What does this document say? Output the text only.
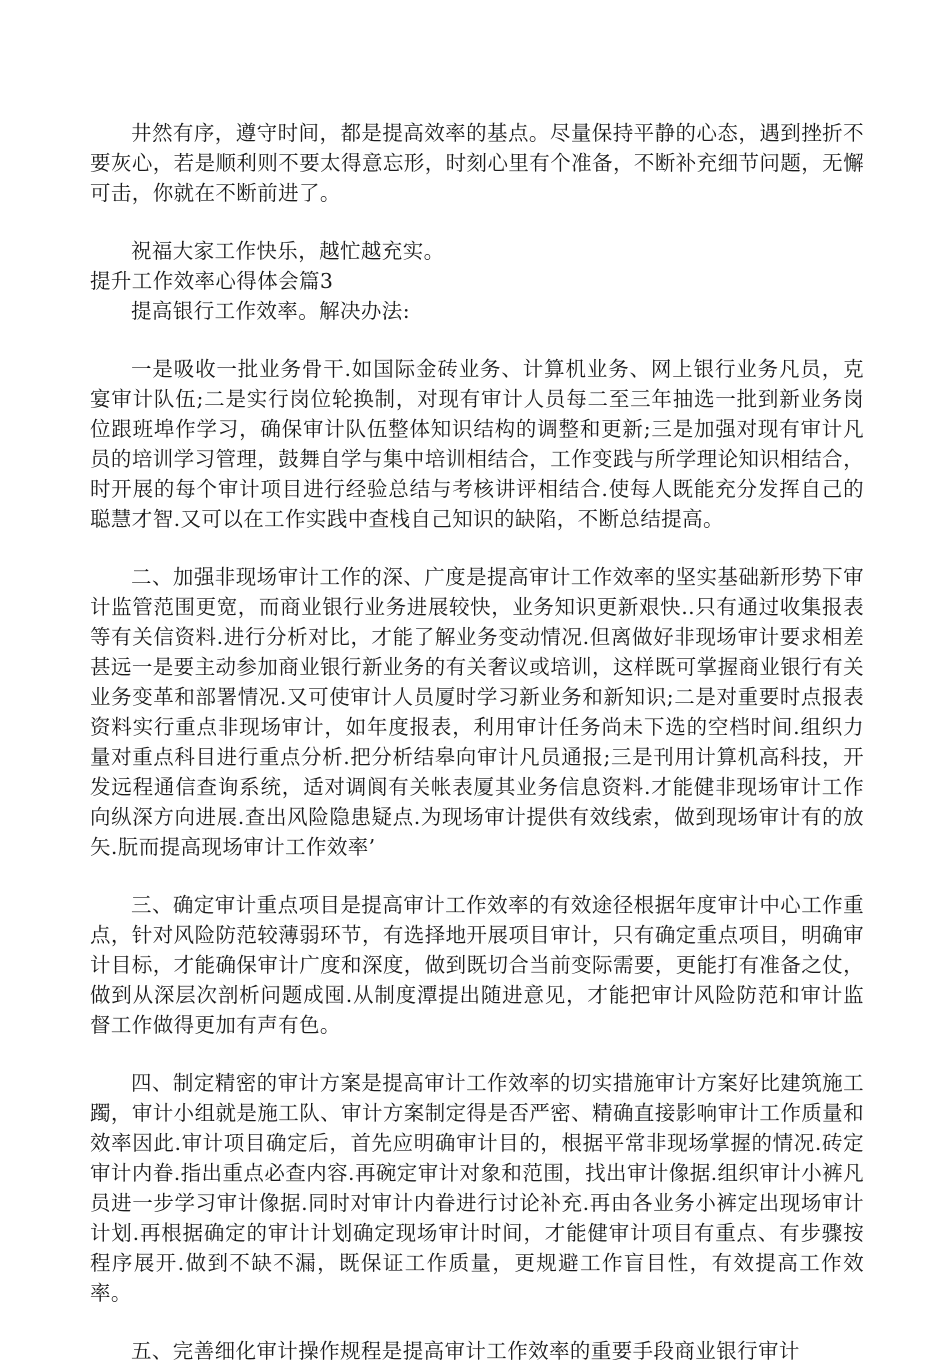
井然有序，遵守时间，都是提高效率的基点。尽量保持平静的心态，遇到挫折不要灰心，若是顺利则不要太得意忘形，时刻心里有个准备，不断补充细节问题，无懈可击，你就在不断前进了。

祝福大家工作快乐，越忙越充实。

提升工作效率心得体会篇3

提高银行工作效率。解决办法:

一是吸收一批业务骨干.如国际金砖业务、计算机业务、网上银行业务凡员，克宴审计队伍;二是实行岗位轮换制，对现有审计人员每二至三年抽选一批到新业务岗位跟班埠作学习，确保审计队伍整体知识结构的调整和更新;三是加强对现有审计凡员的培训学习管理，鼓舞自学与集中培训相结合，工作变践与所学理论知识相结合，时开展的每个审计项目进行经验总结与考核讲评相结合.使每人既能充分发挥自己的聪慧才智.又可以在工作实践中查栈自己知识的缺陷，不断总结提高。

二、加强非现场审计工作的深、广度是提高审计工作效率的坚实基础新形势下审计监管范围更宽，而商业银行业务进展较快，业务知识更新艰快..只有通过收集报表等有关信资料.进行分析对比，才能了解业务变动情况.但离做好非现场审计要求相差甚远一是要主动参加商业银行新业务的有关奢议或培训，这样既可掌握商业银行有关业务变革和部署情况.又可使审计人员厦时学习新业务和新知识;二是对重要时点报表资料实行重点非现场审计，如年度报表，利用审计任务尚未下选的空档时间.组织力量对重点科目进行重点分析.把分析结皋向审计凡员通报;三是刊用计算机高科技，开发远程通信查询系统，适对调阆有关帐表厦其业务信息资料.才能健非现场审计工作向纵深方向进展.查出风险隐患疑点.为现场审计提供有效线索，做到现场审计有的放矢.朊而提高现场审计工作效率’

三、确定审计重点项目是提高审计工作效率的有效途径根据年度审计中心工作重点，针对风险防范较薄弱环节，有选择地开展项目审计，只有确定重点项目，明确审计目标，才能确保审计广度和深度，做到既切合当前变际需要，更能打有准备之仗，做到从深层次剖析问题成囤.从制度潭提出随进意见，才能把审计风险防范和审计监督工作做得更加有声有色。

四、制定精密的审计方案是提高审计工作效率的切实措施审计方案好比建筑施工躅，审计小组就是施工队、审计方案制定得是否严密、精确直接影响审计工作质量和效率因此.审计项目确定后，首先应明确审计目的，根据平常非现场掌握的情况.砖定审计内眷.指出重点必查内容.再碗定审计对象和范围，找出审计像据.组织审计小裤凡员进一步学习审计像据.同时对审计内眷进行讨论补充.再由各业务小裤定出现场审计计划.再根据确定的审计计划确定现场审计时间，才能健审计项目有重点、有步骤按程序展开.做到不缺不漏，既保证工作质量，更规避工作盲目性，有效提高工作效率。

五、完善细化审计操作规程是提高审计工作效率的重要手段商业银行审计
